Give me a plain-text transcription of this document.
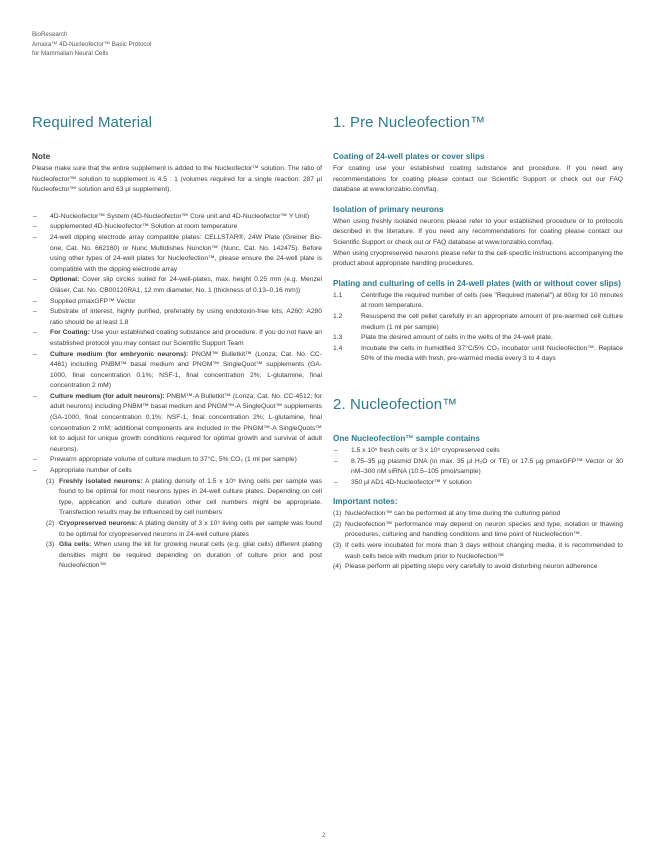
BioResearch
Amaxa™ 4D-Nucleofector™ Basic Protocol
for Mammalian Neural Cells
Required Material
Note

Please make sure that the entire supplement is added to the Nucleofector™ solution. The ratio of Nucleofector™ solution to supplement is 4.5 : 1 (volumes required for a single reaction: 287 µl Nucleofector™ solution and 63 µl supplement).

– 4D-Nucleofector™ System (4D-Nucleofector™ Core unit and 4D-Nucleofector™ Y Unit)
– supplemented 4D-Nucleofector™ Solution at room temperature
– 24-well dipping electrode array compatible plates: CELLSTAR®, 24W Plate (Greiner Bio-one, Cat. No. 662160) or Nunc Multidishes Nunclon™ (Nunc, Cat. No. 142475). Before using other types of 24-well plates for Nucleofection™, please ensure the 24-well plate is compatible with the dipping electrode array
– Optional: Cover slip circles suited for 24-well-plates, max. height 0.25 mm (e.g. Menzel Gläser, Cat. No. CB00120RA1, 12 mm diameter, No. 1 (thickness of 0.13–0.16 mm))
– Supplied pmaxGFP™ Vector
– Substrate of interest, highly purified, preferably by using endotoxin-free kits; A260: A280 ratio should be at least 1.8
– For Coating: Use your established coating substance and procedure. If you do not have an established protocol you may contact our Scientific Support Team
– Culture medium (for embryonic neurons): PNGM™ Bulletkit™ (Lonza; Cat. No. CC-4461) including PNBM™ basal medium and PNGM™ SingleQuot™ supplements (GA-1000, final concentration 0.1%; NSF-1, final concentration 2%; L-glutamine, final concentration 2 mM)
– Culture medium (for adult neurons): PNBM™-A Bulletkit™ (Lonza; Cat. No. CC-4512; for adult neurons) including PNBM™ basal medium and PNGM™-A SingleQuot™ supplements (GA-1000, final concentration 0.1%; NSF-1, final concentration 2%; L-glutamine, final concentration 2 mM; additional components are included in the PNGM™-A SingleQuots™ kit to adjust for unique growth conditions required for optimal growth and survival of adult neurons).
– Prewarm appropriate volume of culture medium to 37°C, 5% CO₂ (1 ml per sample)
– Appropriate number of cells
(1) Freshly isolated neurons: A plating density of 1.5 x 10⁵ living cells per sample was found to be optimal for most neurons types in 24-well culture plates. Depending on cell type, application and culture duration other cell numbers might be appropriate. Transfection results may be influenced by cell numbers
(2) Cryopreserved neurons: A plating density of 3 x 10⁵ living cells per sample was found to be optimal for cryopreserved neurons in 24-well culture plates
(3) Glia cells: When using the kit for growing neural cells (e.g. glial cells) different plating densities might be required depending on duration of culture prior and post Nucleofection™
1. Pre Nucleofection™
Coating of 24-well plates or cover slips

For coating use your established coating substance and procedure. If you need any recommendations for coating please contact our Scientific Support or check out our FAQ database at www.lonzabio.com/faq.

Isolation of primary neurons

When using freshly isolated neurons please refer to your established procedure or to protocols described in the literature. If you need any recommendations for coating please contact our Scientific Support or check out or FAQ database at www.lonzabio.com/faq.

When using cryopreserved neurons please refer to the cell-specific instructions accompanying the product about appropriate handling procedures.

Plating and culturing of cells in 24-well plates (with or without cover slips)
1.1	Centrifuge the required number of cells (see "Required material") at 80xg for 10 minutes at room temperature.
1.2	Resuspend the cell pellet carefully in an appropriate amount of pre-warmed cell culture medium (1 ml per sample)
1.3	Plate the desired amount of cells in the wells of the 24-well plate.
1.4	Incubate the cells in humidified 37°C/5% CO₂ incubator until Nucleofection™. Replace 50% of the media with fresh, pre-warmed media every 3 to 4 days
2. Nucleofection™
One Nucleofection™ sample contains
– 1.5 x 10⁵ fresh cells or 3 x 10⁵ cryopreserved cells
– 8.75–35 µg plasmid DNA (in max. 35 µl H₂O or TE) or 17.5 µg pmaxGFP™ Vector or 30 nM–300 nM siRNA (10.5–105 pmol/sample)
– 350 µl AD1 4D-Nucleofector™ Y solution
Important notes:
(1) Nucleofection™ can be performed at any time during the culturing period
(2) Nucleofection™ performance may depend on neuron species and type, isolation or thawing procedures, culturing and handling conditions and time point of Nucleofection™.
(3) If cells were incubated for more than 3 days without changing media, it is recommended to wash cells twice with medium prior to Nucleofection™
(4) Please perform all pipetting steps very carefully to avoid disturbing neuron adherence
2
